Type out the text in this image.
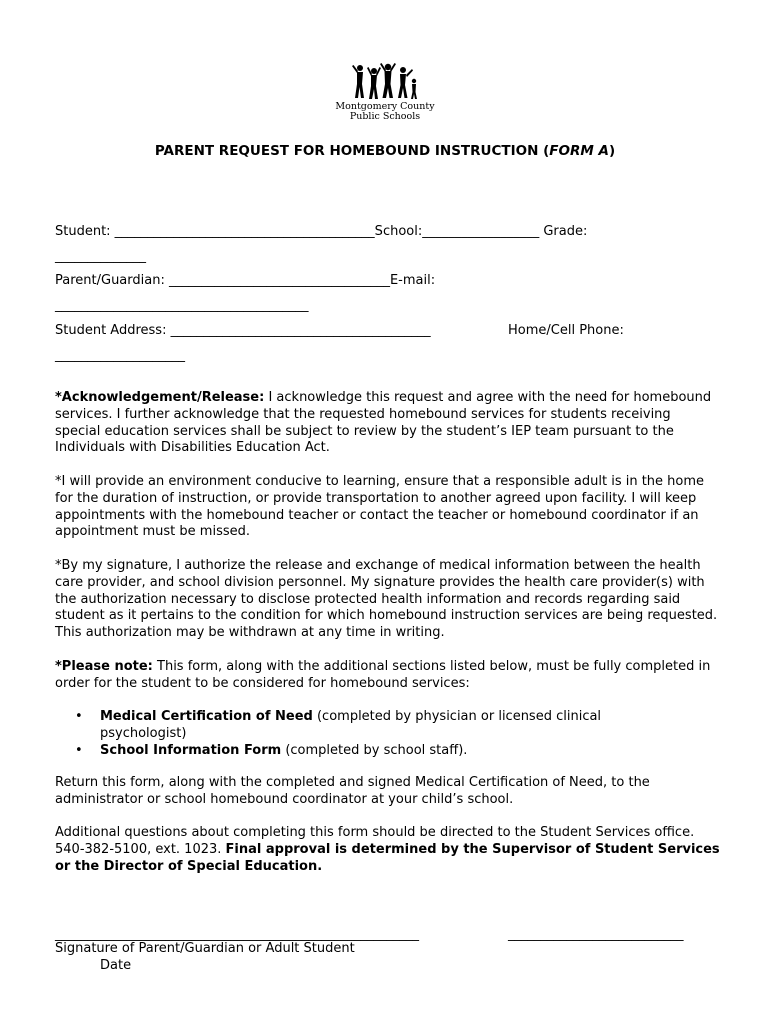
Montgomery County
Public Schools
PARENT REQUEST FOR HOMEBOUND INSTRUCTION (FORM A)
Student: ________________________________________School:__________________ Grade:
______________
Parent/Guardian: __________________________________E-mail:
_______________________________________
Student Address: ________________________________________	Home/Cell Phone:
____________________
*Acknowledgement/Release: I acknowledge this request and agree with the need for homebound services. I further acknowledge that the requested homebound services for students receiving special education services shall be subject to review by the student’s IEP team pursuant to the Individuals with Disabilities Education Act.
*I will provide an environment conducive to learning, ensure that a responsible adult is in the home for the duration of instruction, or provide transportation to another agreed upon facility. I will keep appointments with the homebound teacher or contact the teacher or homebound coordinator if an appointment must be missed.
*By my signature, I authorize the release and exchange of medical information between the health care provider, and school division personnel. My signature provides the health care provider(s) with the authorization necessary to disclose protected health information and records regarding said student as it pertains to the condition for which homebound instruction services are being requested. This authorization may be withdrawn at any time in writing.
*Please note: This form, along with the additional sections listed below, must be fully completed in order for the student to be considered for homebound services:
• Medical Certification of Need (completed by physician or licensed clinical psychologist)
• School Information Form (completed by school staff).
Return this form, along with the completed and signed Medical Certification of Need, to the administrator or school homebound coordinator at your child’s school.
Additional questions about completing this form should be directed to the Student Services office. 540-382-5100, ext. 1023. Final approval is determined by the Supervisor of Student Services or the Director of Special Education.
________________________________________________________	___________________________
Signature of Parent/Guardian or Adult Student
Date
